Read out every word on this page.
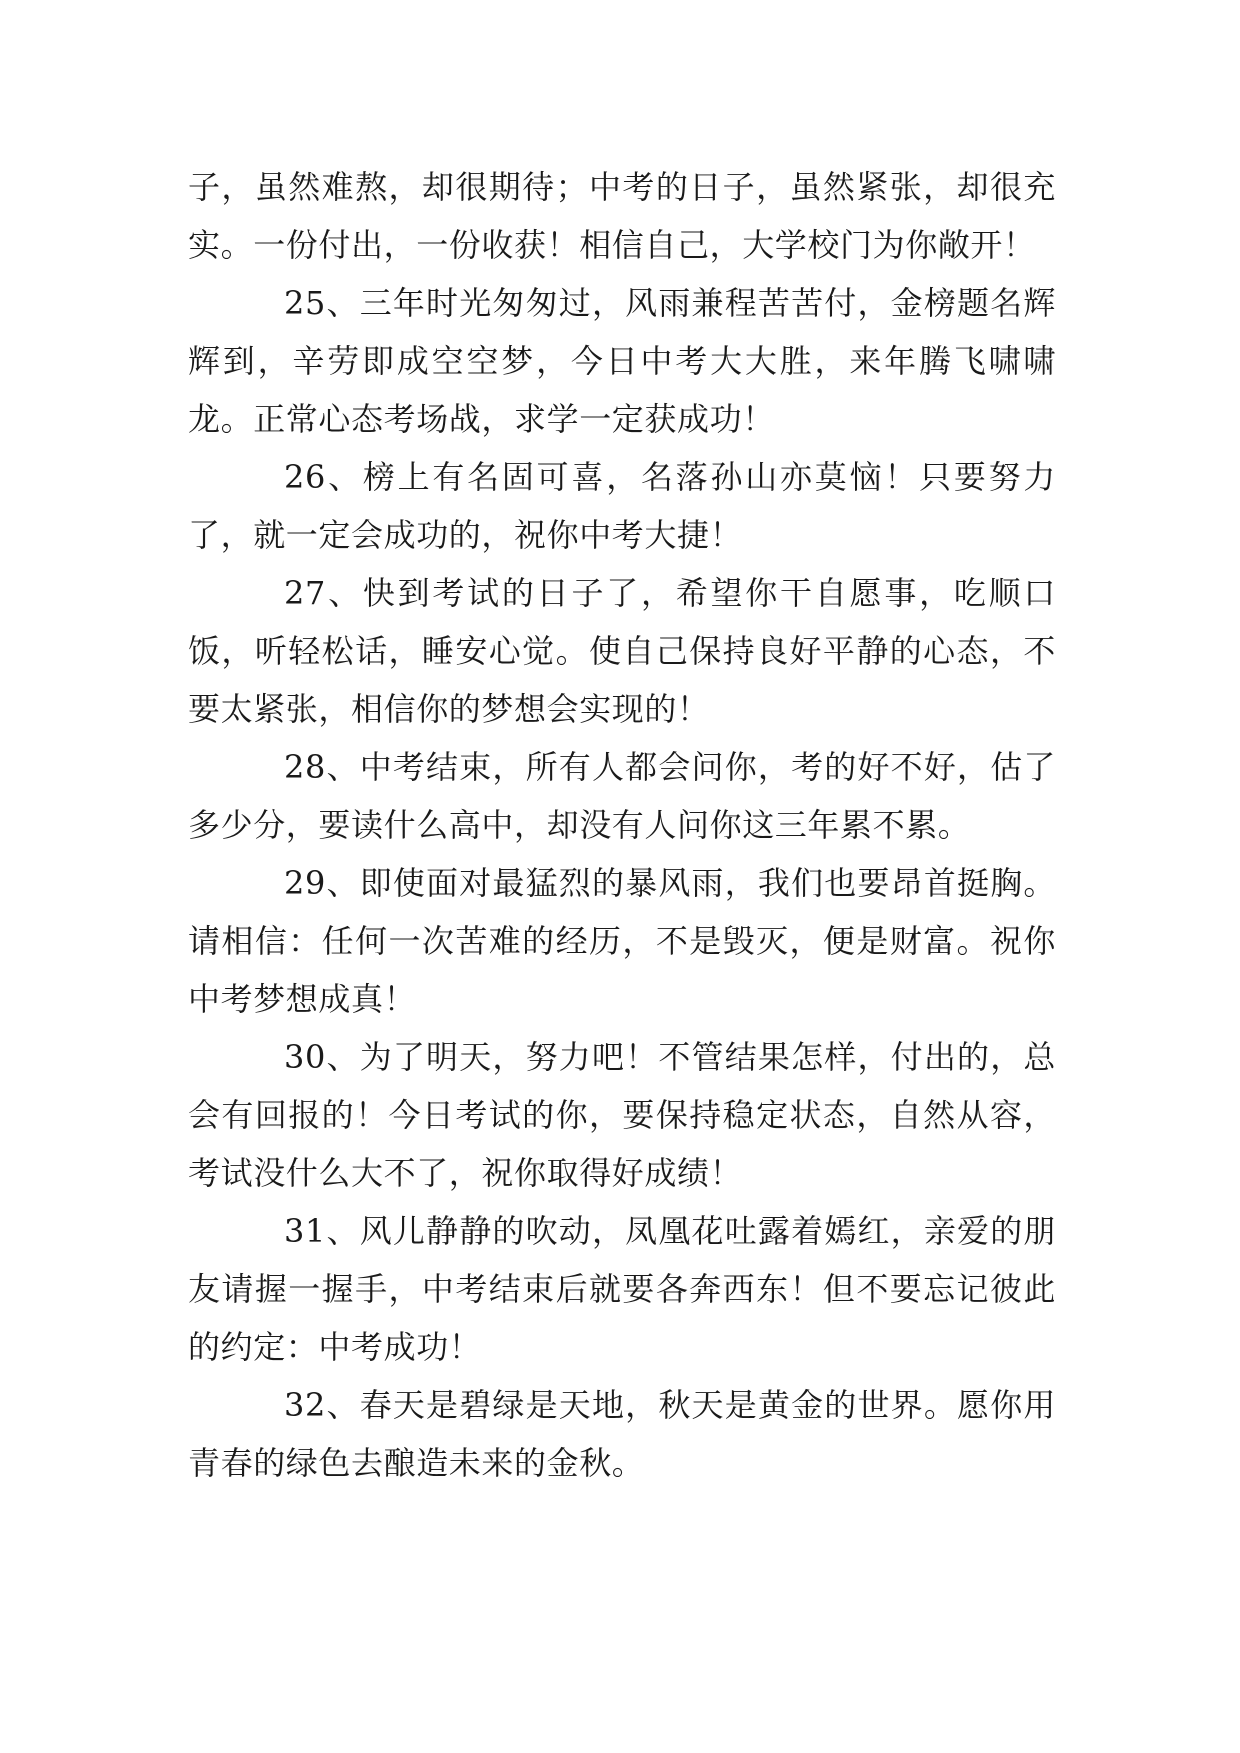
子，虽然难熬，却很期待；中考的日子，虽然紧张，却很充实。一份付出，一份收获！相信自己，大学校门为你敞开！

25、三年时光匆匆过，风雨兼程苦苦付，金榜题名辉辉到，辛劳即成空空梦，今日中考大大胜，来年腾飞啸啸龙。正常心态考场战，求学一定获成功！

26、榜上有名固可喜，名落孙山亦莫恼！只要努力了，就一定会成功的，祝你中考大捷！

27、快到考试的日子了，希望你干自愿事，吃顺口饭，听轻松话，睡安心觉。使自己保持良好平静的心态，不要太紧张，相信你的梦想会实现的！

28、中考结束，所有人都会问你，考的好不好，估了多少分，要读什么高中，却没有人问你这三年累不累。

29、即使面对最猛烈的暴风雨，我们也要昂首挺胸。请相信：任何一次苦难的经历，不是毁灭，便是财富。祝你中考梦想成真！

30、为了明天，努力吧！不管结果怎样，付出的，总会有回报的！今日考试的你，要保持稳定状态，自然从容，考试没什么大不了，祝你取得好成绩！

31、风儿静静的吹动，凤凰花吐露着嫣红，亲爱的朋友请握一握手，中考结束后就要各奔西东！但不要忘记彼此的约定：中考成功！

32、春天是碧绿是天地，秋天是黄金的世界。愿你用青春的绿色去酿造未来的金秋。
